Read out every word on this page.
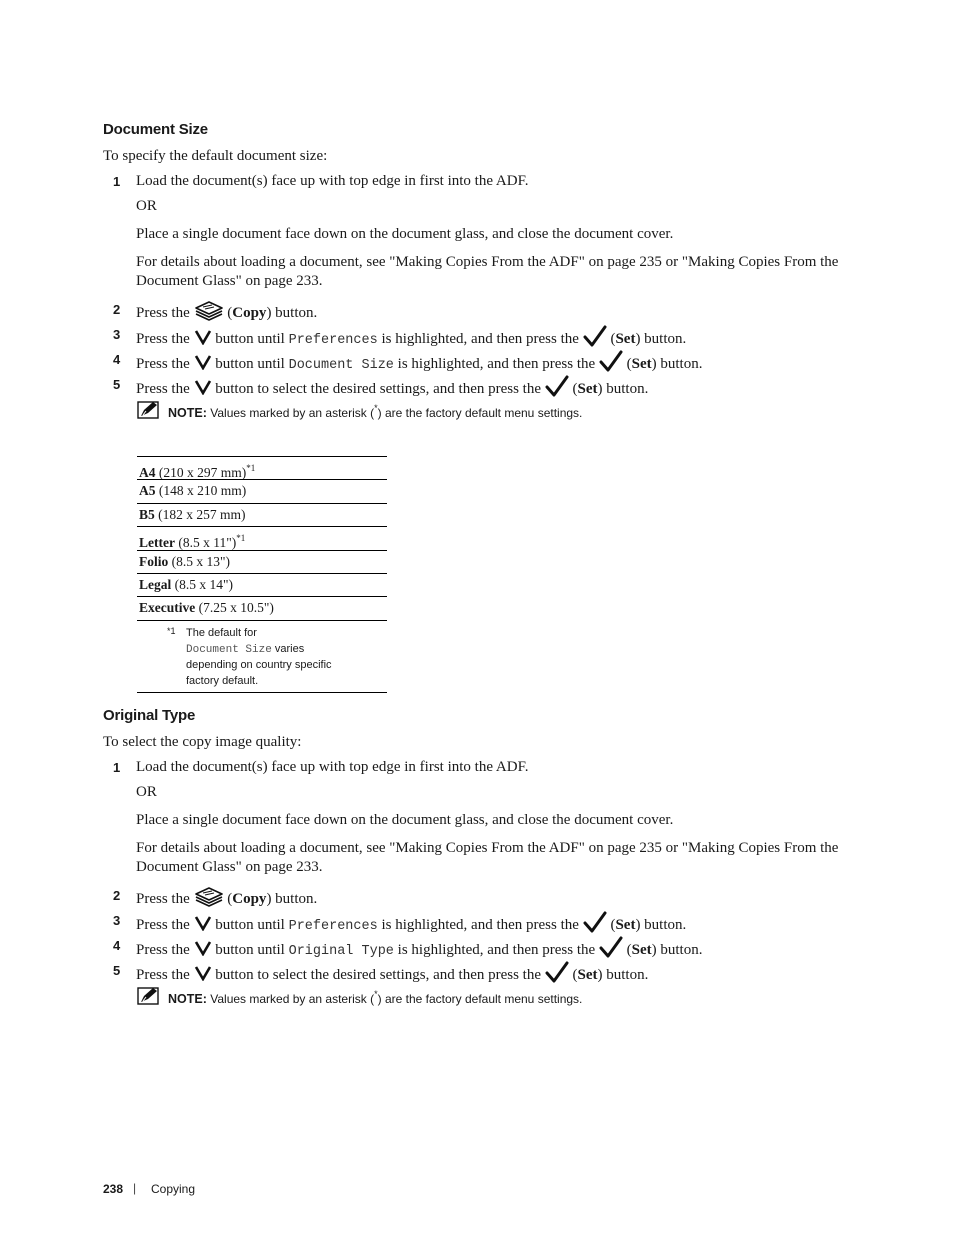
Document Size
To specify the default document size:
1 Load the document(s) face up with top edge in first into the ADF.
OR
Place a single document face down on the document glass, and close the document cover.
For details about loading a document, see "Making Copies From the ADF" on page 235 or "Making Copies From the Document Glass" on page 233.
2 Press the	(Copy) button.
3 Press the button until Preferences is highlighted, and then press the (Set) button.
4 Press the button until Document Size is highlighted, and then press the (Set) button.
5 Press the button to select the desired settings, and then press the (Set) button.
NOTE: Values marked by an asterisk (*) are the factory default menu settings.
A4 (210 x 297 mm)$^{*1}$
A5 (148 x 210 mm)
B5 (182 x 257 mm)
Letter (8.5 x 11")$^{*1}$
Folio (8.5 x 13")
Legal (8.5 x 14")
Executive (7.25 x 10.5")
*1 The default for
Document Size varies
depending on country specific
factory default.
Original Type
To select the copy image quality:
1 Load the document(s) face up with top edge in first into the ADF.
OR
Place a single document face down on the document glass, and close the document cover.
For details about loading a document, see "Making Copies From the ADF" on page 235 or "Making Copies From the Document Glass" on page 233.
2 Press the	(Copy) button.
3 Press the button until Preferences is highlighted, and then press the (Set) button.
4 Press the button until Original Type is highlighted, and then press the (Set) button.
5 Press the button to select the desired settings, and then press the (Set) button.
NOTE: Values marked by an asterisk (*) are the factory default menu settings.
238 | Copying
